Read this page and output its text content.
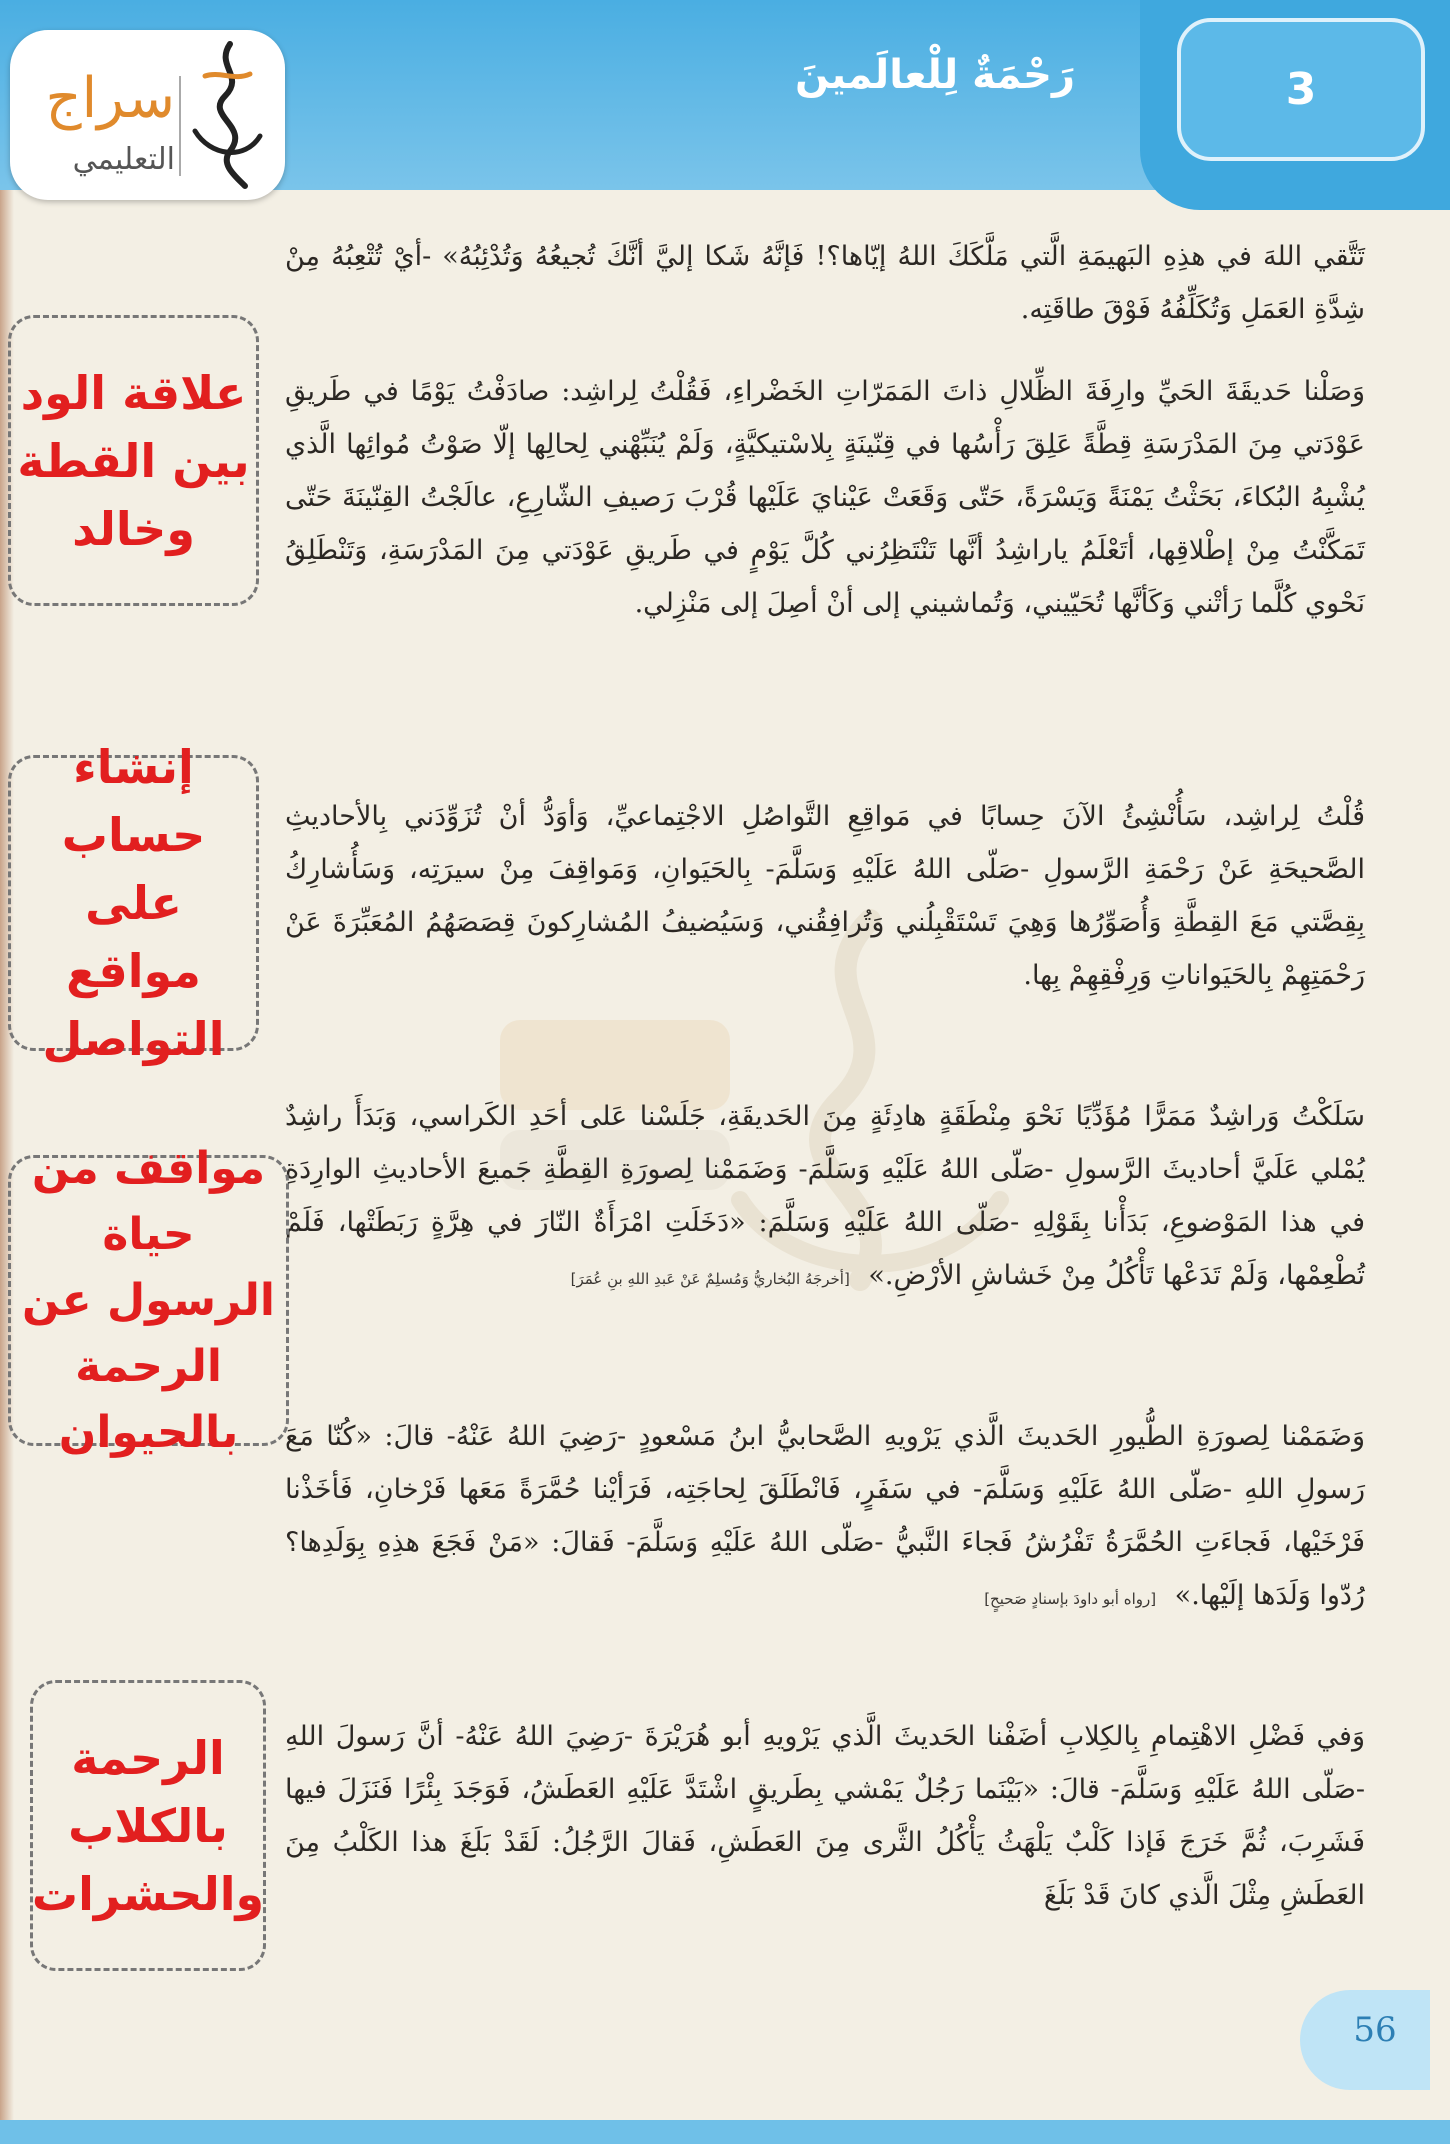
3
رَحْمَةٌ لِلْعالَمينَ
سراج
التعليمي
تَتَّقي اللهَ في هذِهِ البَهيمَةِ الَّتي مَلَّكَكَ اللهُ إيّاها؟! فَإنَّهُ شَكا إليَّ أنَّكَ تُجيعُهُ وَتُدْئِبُهُ» -أيْ تُتْعِبُهُ مِنْ شِدَّةِ العَمَلِ وَتُكَلِّفُهُ فَوْقَ طاقَتِه.
وَصَلْنا حَديقَةَ الحَيِّ وارِفَةَ الظِّلالِ ذاتَ المَمَرّاتِ الخَضْراءِ، فَقُلْتُ لِراشِد: صادَفْتُ يَوْمًا في طَريقِ عَوْدَتي مِنَ المَدْرَسَةِ قِطَّةً عَلِقَ رَأْسُها في قِنّينَةٍ بِلاسْتيكيَّةٍ، وَلَمْ يُنَبِّهْني لِحالِها إلّا صَوْتُ مُوائِها الَّذي يُشْبِهُ البُكاءَ، بَحَثْتُ يَمْنَةً وَيَسْرَةً، حَتّى وَقَعَتْ عَيْنايَ عَلَيْها قُرْبَ رَصيفِ الشّارِعِ، عالَجْتُ القِنّينَةَ حَتّى تَمَكَّنْتُ مِنْ إطْلاقِها، أتَعْلَمُ ياراشِدُ أنَّها تَنْتَظِرُني كُلَّ يَوْمٍ في طَريقِ عَوْدَتي مِنَ المَدْرَسَةِ، وَتَنْطَلِقُ نَحْوي كُلَّما رَأتْني وَكَأنَّها تُحَيّيني، وَتُماشيني إلى أنْ أصِلَ إلى مَنْزِلي.
قُلْتُ لِراشِد، سَأُنْشِئُ الآنَ حِسابًا في مَواقِعِ التَّواصُلِ الاجْتِماعيِّ، وَأوَدُّ أنْ تُزَوِّدَني بِالأحاديثِ الصَّحيحَةِ عَنْ رَحْمَةِ الرَّسولِ -صَلّى اللهُ عَلَيْهِ وَسَلَّمَ- بِالحَيَوانِ، وَمَواقِفَ مِنْ سيرَتِه، وَسَأُشارِكُ بِقِصَّتي مَعَ القِطَّةِ وَأُصَوِّرُها وَهِيَ تَسْتَقْبِلُني وَتُرافِقُني، وَسَيُضيفُ المُشارِكونَ قِصَصَهُمُ المُعَبِّرَةَ عَنْ رَحْمَتِهِمْ بِالحَيَواناتِ وَرِفْقِهِمْ بِها.
سَلَكْتُ وَراشِدٌ مَمَرًّا مُؤَدِّيًا نَحْوَ مِنْطَقَةٍ هادِئَةٍ مِنَ الحَديقَةِ، جَلَسْنا عَلى أحَدِ الكَراسي، وَبَدَأَ راشِدٌ يُمْلي عَلَيَّ أحاديثَ الرَّسولِ -صَلّى اللهُ عَلَيْهِ وَسَلَّمَ- وَضَمَمْنا لِصورَةِ القِطَّةِ جَميعَ الأحاديثِ الوارِدَةِ في هذا المَوْضوعِ، بَدَأْنا بِقَوْلِهِ -صَلّى اللهُ عَلَيْهِ وَسَلَّمَ: «دَخَلَتِ امْرَأَةٌ النّارَ في هِرَّةٍ رَبَطَتْها، فَلَمْ تُطْعِمْها، وَلَمْ تَدَعْها تَأْكُلُ مِنْ خَشاشِ الأرْضِ.» [أخرجَهُ البُخاريُّ وَمُسلِمٌ عَنْ عَبدِ اللهِ بنِ عُمَرَ]
وَضَمَمْنا لِصورَةِ الطُّيورِ الحَديثَ الَّذي يَرْويهِ الصَّحابيُّ ابنُ مَسْعودٍ -رَضِيَ اللهُ عَنْهُ- قالَ: «كُنّا مَعَ رَسولِ اللهِ -صَلّى اللهُ عَلَيْهِ وَسَلَّمَ- في سَفَرٍ، فَانْطَلَقَ لِحاجَتِه، فَرَأيْنا حُمَّرَةً مَعَها فَرْخانِ، فَأخَذْنا فَرْخَيْها، فَجاءَتِ الحُمَّرَةُ تَفْرُشُ فَجاءَ النَّبيُّ -صَلّى اللهُ عَلَيْهِ وَسَلَّمَ- فَقالَ: «مَنْ فَجَعَ هذِهِ بِوَلَدِها؟ رُدّوا وَلَدَها إلَيْها.» [رواه أبو داودَ بإسنادٍ صَحيحٍ]
وَفي فَضْلِ الاهْتِمامِ بِالكِلابِ أضَفْنا الحَديثَ الَّذي يَرْويهِ أبو هُرَيْرَةَ -رَضِيَ اللهُ عَنْهُ- أنَّ رَسولَ اللهِ -صَلّى اللهُ عَلَيْهِ وَسَلَّمَ- قالَ: «بَيْنَما رَجُلٌ يَمْشي بِطَريقٍ اشْتَدَّ عَلَيْهِ العَطَشُ، فَوَجَدَ بِئْرًا فَنَزَلَ فيها فَشَرِبَ، ثُمَّ خَرَجَ فَإذا كَلْبٌ يَلْهَثُ يَأْكُلُ الثَّرى مِنَ العَطَشِ، فَقالَ الرَّجُلُ: لَقَدْ بَلَغَ هذا الكَلْبُ مِنَ العَطَشِ مِثْلَ الَّذي كانَ قَدْ بَلَغَ
علاقة الود بين القطة وخالد
إنشاء حساب على مواقع التواصل
مواقف من حياة الرسول عن الرحمة بالحيوان
الرحمة بالكلاب والحشرات
56
